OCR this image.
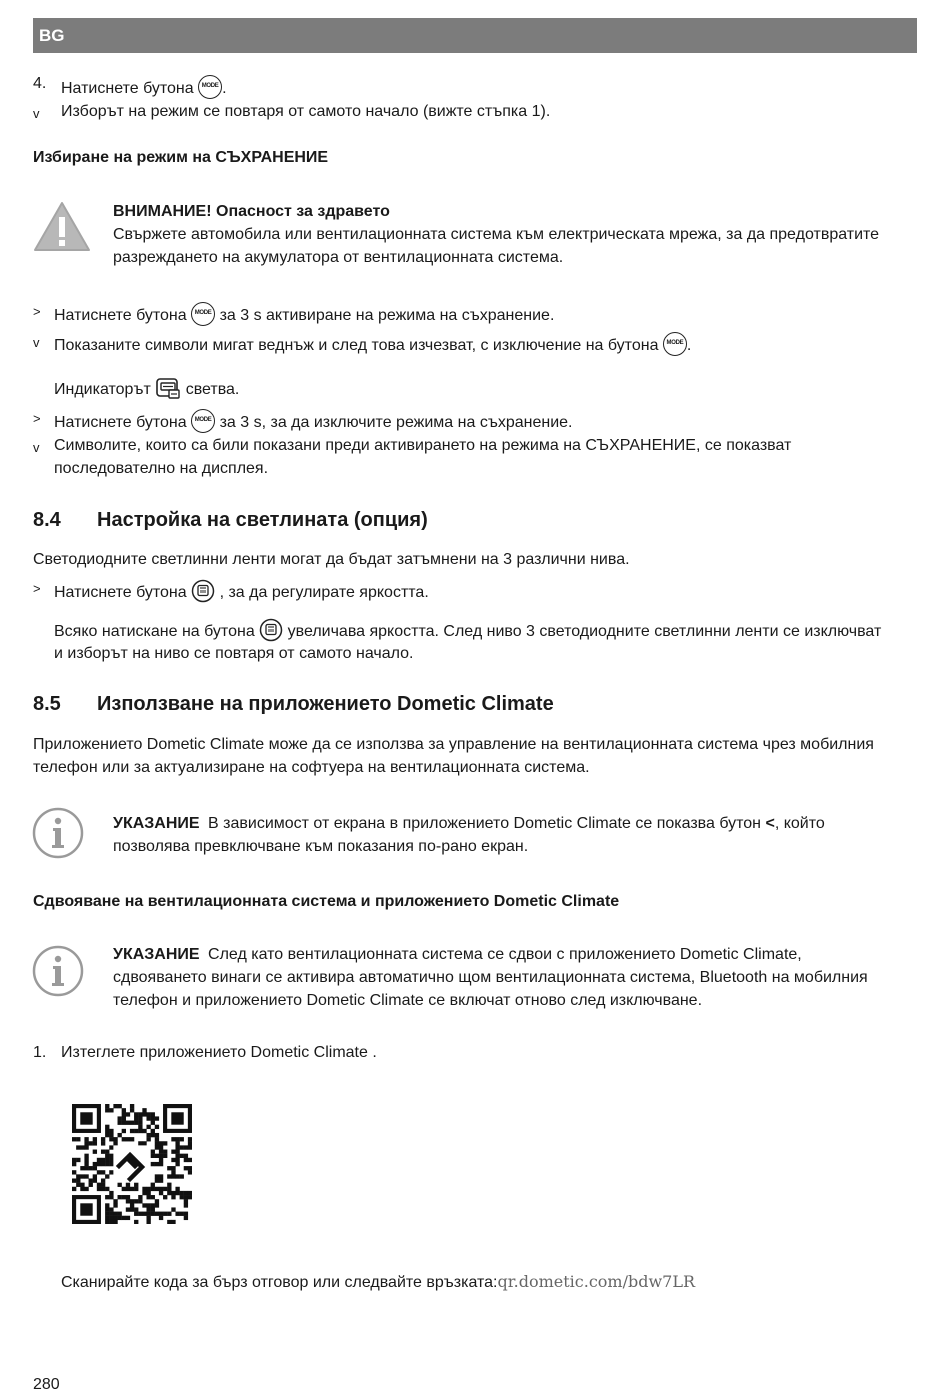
BG
4. Натиснете бутона MODE .
v Изборът на режим се повтаря от самото начало (вижте стъпка 1).
Избиране на режим на СЪХРАНЕНИЕ
ВНИМАНИЕ! Опасност за здравето
Свържете автомобила или вентилационната система към електрическата мрежа, за да предотвратите
разреждането на акумулатора от вентилационната система.
> Натиснете бутона MODE за 3 s активиране на режима на съхранение.
v Показаните символи мигат веднъж и след това изчезват, с изключение на бутона MODE .
Индикаторът светва.
> Натиснете бутона MODE за 3 s, за да изключите режима на съхранение.
v Символите, които са били показани преди активирането на режима на СЪХРАНЕНИЕ, се показват
последователно на дисплея.
8.4 Настройка на светлината (опция)
Светодиодните светлинни ленти могат да бъдат затъмнени на 3 различни нива.
> Натиснете бутона , за да регулирате яркостта.
Всяко натискане на бутона увеличава яркостта. След ниво 3 светодиодните светлинни ленти се изключват
и изборът на ниво се повтаря от самото начало.
8.5 Използване на приложението Dometic Climate
Приложението Dometic Climate може да се използва за управление на вентилационната система чрез мобилния
телефон или за актуализиране на софтуера на вентилационната система.
УКАЗАНИЕ В зависимост от екрана в приложението Dometic Climate се показва бутон <, който
позволява превключване към показания по-рано екран.
Сдвояване на вентилационната система и приложението Dometic Climate
УКАЗАНИЕ След като вентилационната система се сдвои с приложението Dometic Climate,
сдвояването винаги се активира автоматично щом вентилационната система, Bluetooth на мобилния
телефон и приложението Dometic Climate се включат отново след изключване.
1. Изтеглете приложението Dometic Climate .
Сканирайте кода за бърз отговор или следвайте връзката:qr.dometic.com/bdw7LR
280
